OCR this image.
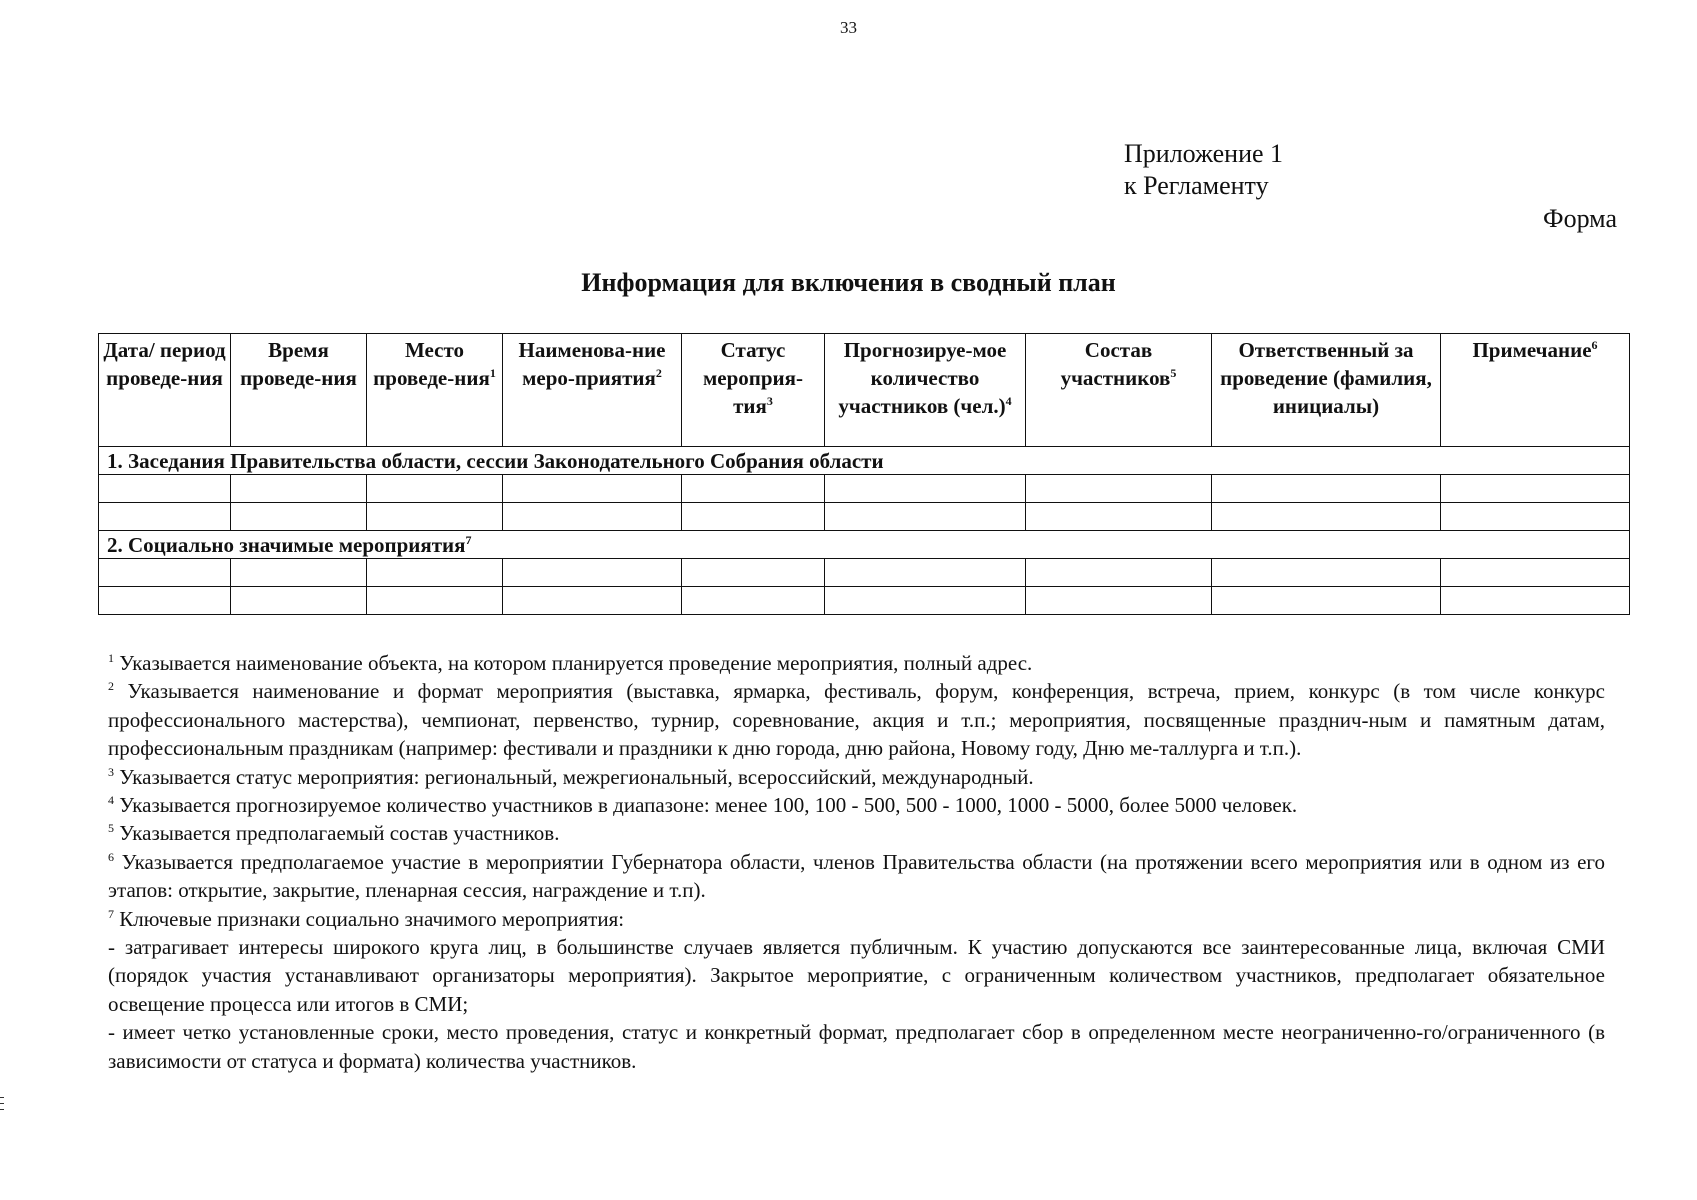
33
Приложение 1
к Регламенту
Форма
Информация для включения в сводный план
Дата/ период проведе-ния	Время проведе-ния	Место проведе-ния$^1$	Наименова-ние меро-приятия$^2$	Статус мероприя-тия$^3$	Прогнозируе-мое количество участников $(чел.)^4$	Состав участников$^5$	Ответственный за проведение (фамилия, инициалы)	Примечание$^6$
1. Заседания Правительства области, сессии Законодательного Собрания области								

2. Социально значимые мероприятия$^7$

$^1$ Указывается наименование объекта, на котором планируется проведение мероприятия, полный адрес.

$^2$ Указывается наименование и формат мероприятия (выставка, ярмарка, фестиваль, форум, конференция, встреча, прием, конкурс (в том числе конкурс профессионального мастерства), чемпионат, первенство, турнир, соревнование, акция и т.п.; мероприятия, посвященные празднич-ным и памятным датам, профессиональным праздникам (например: фестивали и праздники к дню города, дню района, Новому году, Дню ме-таллурга и т.п.).

$^3$ Указывается статус мероприятия: региональный, межрегиональный, всероссийский, международный.

$^4$ Указывается прогнозируемое количество участников в диапазоне: менее 100, 100 - 500, 500 - 1000, 1000 - 5000, более 5000 человек.

$^5$ Указывается предполагаемый состав участников.

$^6$ Указывается предполагаемое участие в мероприятии Губернатора области, членов Правительства области (на протяжении всего мероприятия или в одном из его этапов: открытие, закрытие, пленарная сессия, награждение и т.п).

$^7$ Ключевые признаки социально значимого мероприятия:

- затрагивает интересы широкого круга лиц, в большинстве случаев является публичным. К участию допускаются все заинтересованные лица, включая СМИ (порядок участия устанавливают организаторы мероприятия). Закрытое мероприятие, с ограниченным количеством участников, предполагает обязательное освещение процесса или итогов в СМИ;

- имеет четко установленные сроки, место проведения, статус и конкретный формат, предполагает сбор в определенном месте неограниченно-го/ограниченного (в зависимости от статуса и формата) количества участников.
